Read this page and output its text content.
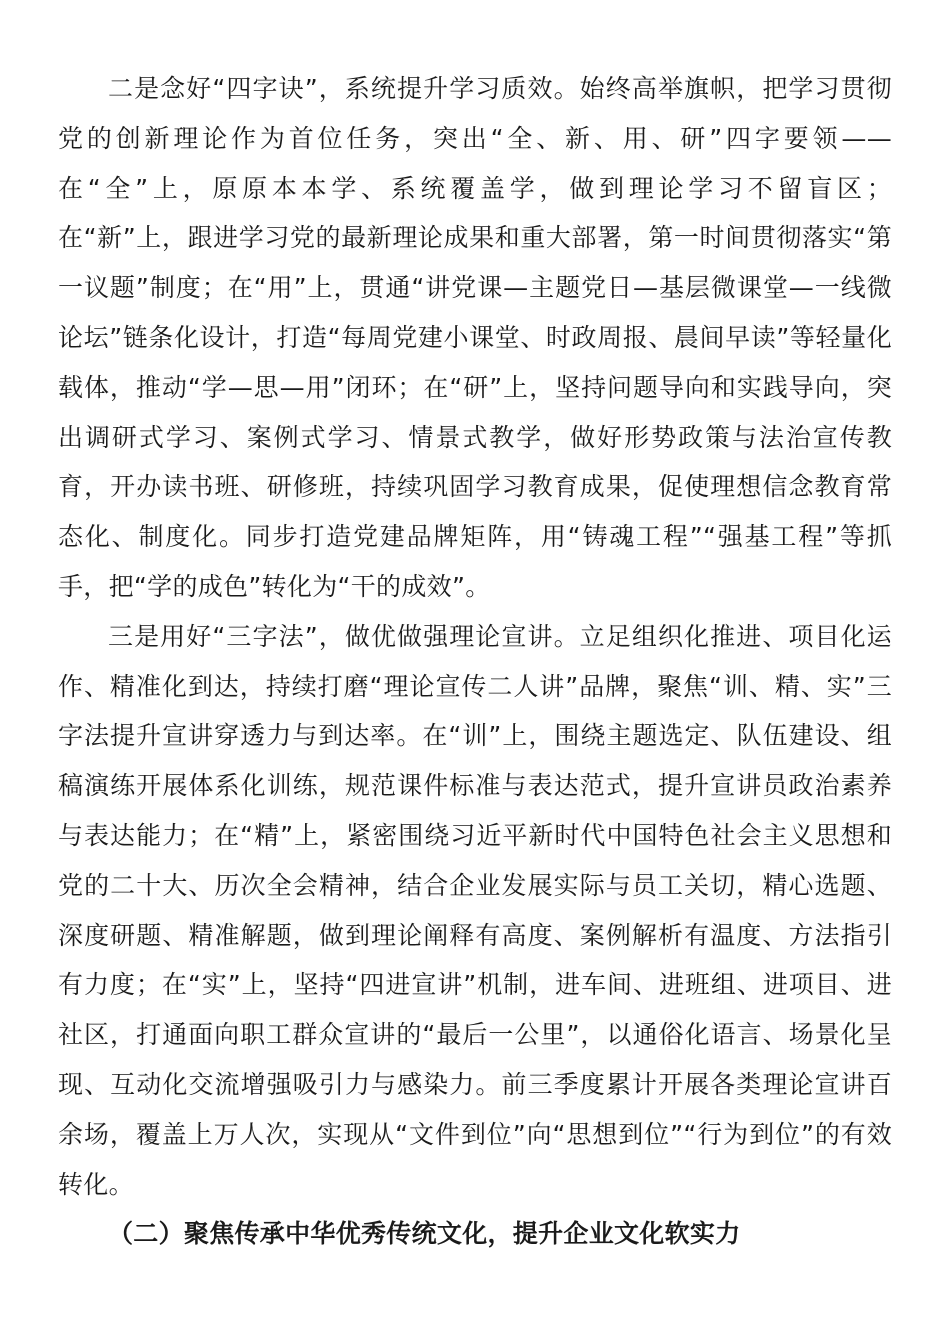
二是念好“四字诀”，系统提升学习质效。始终高举旗帜，把学习贯彻党的创新理论作为首位任务，突出“全、新、用、研”四字要领——在“全”上，原原本本学、系统覆盖学，做到理论学习不留盲区；在“新”上，跟进学习党的最新理论成果和重大部署，第一时间贯彻落实“第一议题”制度；在“用”上，贯通“讲党课—主题党日—基层微课堂—一线微论坛”链条化设计，打造“每周党建小课堂、时政周报、晨间早读”等轻量化载体，推动“学—思—用”闭环；在“研”上，坚持问题导向和实践导向，突出调研式学习、案例式学习、情景式教学，做好形势政策与法治宣传教育，开办读书班、研修班，持续巩固学习教育成果，促使理想信念教育常态化、制度化。同步打造党建品牌矩阵，用“铸魂工程”“强基工程”等抓手，把“学的成色”转化为“干的成效”。

三是用好“三字法”，做优做强理论宣讲。立足组织化推进、项目化运作、精准化到达，持续打磨“理论宣传二人讲”品牌，聚焦“训、精、实”三字法提升宣讲穿透力与到达率。在“训”上，围绕主题选定、队伍建设、组稿演练开展体系化训练，规范课件标准与表达范式，提升宣讲员政治素养与表达能力；在“精”上，紧密围绕习近平新时代中国特色社会主义思想和党的二十大、历次全会精神，结合企业发展实际与员工关切，精心选题、深度研题、精准解题，做到理论阐释有高度、案例解析有温度、方法指引有力度；在“实”上，坚持“四进宣讲”机制，进车间、进班组、进项目、进社区，打通面向职工群众宣讲的“最后一公里”，以通俗化语言、场景化呈现、互动化交流增强吸引力与感染力。前三季度累计开展各类理论宣讲百余场，覆盖上万人次，实现从“文件到位”向“思想到位”“行为到位”的有效转化。

（二）聚焦传承中华优秀传统文化，提升企业文化软实力
